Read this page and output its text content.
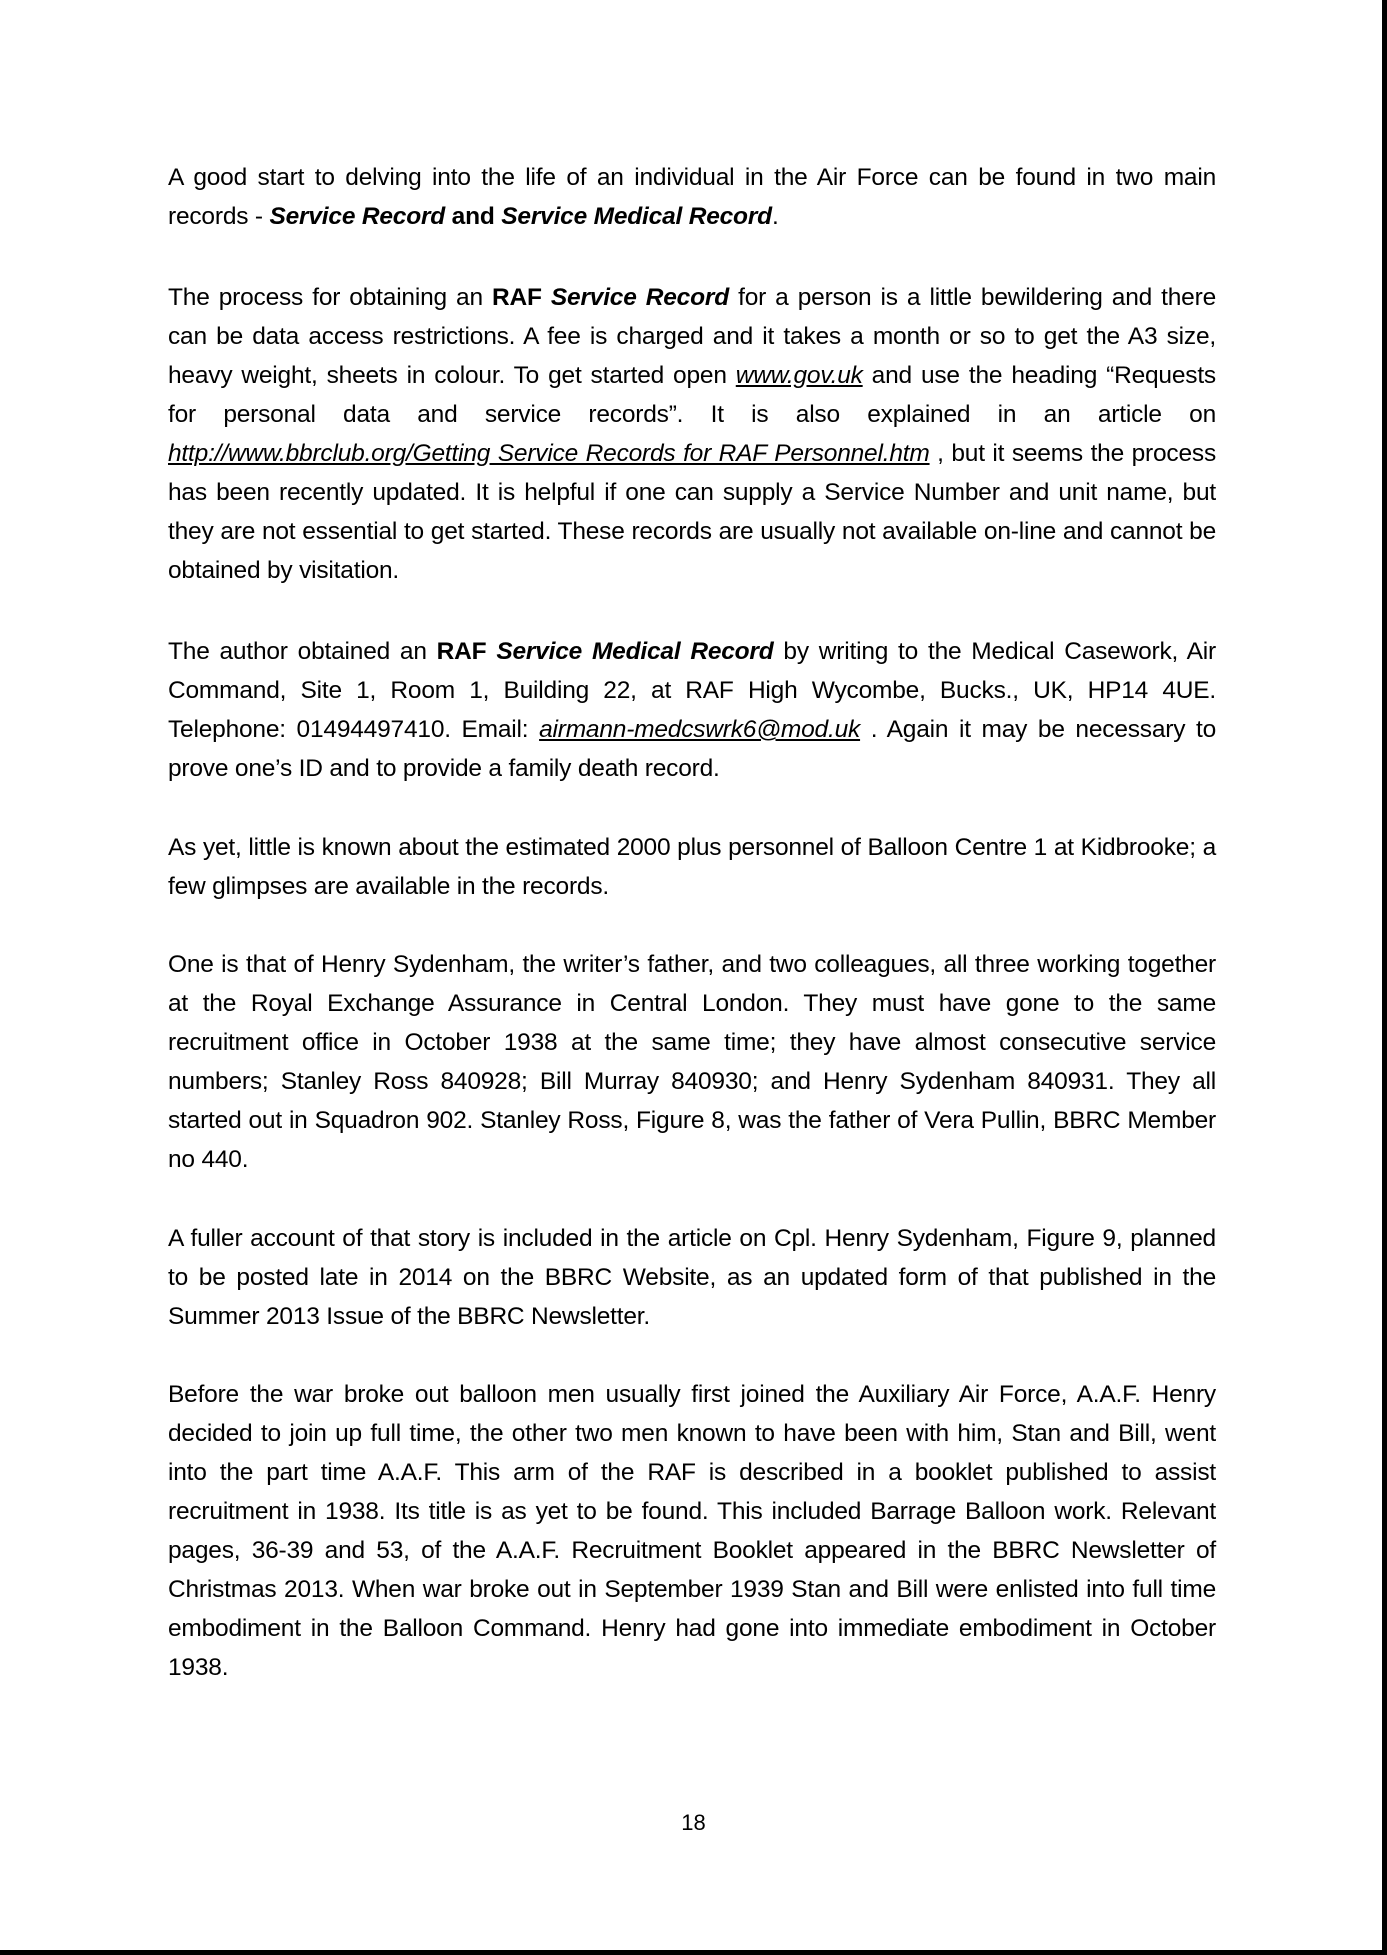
A good start to delving into the life of an individual in the Air Force can be found in two main records - Service Record and Service Medical Record.

The process for obtaining an RAF Service Record for a person is a little bewildering and there can be data access restrictions. A fee is charged and it takes a month or so to get the A3 size, heavy weight, sheets in colour. To get started open www.gov.uk and use the heading “Requests for personal data and service records”. It is also explained in an article on http://www.bbrclub.org/Getting Service Records for RAF Personnel.htm , but it seems the process has been recently updated. It is helpful if one can supply a Service Number and unit name, but they are not essential to get started. These records are usually not available on-line and cannot be obtained by visitation.

The author obtained an RAF Service Medical Record by writing to the Medical Casework, Air Command, Site 1, Room 1, Building 22, at RAF High Wycombe, Bucks., UK, HP14 4UE. Telephone: 01494497410. Email: airmann-medcswrk6@mod.uk . Again it may be necessary to prove one’s ID and to provide a family death record.

As yet, little is known about the estimated 2000 plus personnel of Balloon Centre 1 at Kidbrooke; a few glimpses are available in the records.

One is that of Henry Sydenham, the writer’s father, and two colleagues, all three working together at the Royal Exchange Assurance in Central London. They must have gone to the same recruitment office in October 1938 at the same time; they have almost consecutive service numbers; Stanley Ross 840928; Bill Murray 840930; and Henry Sydenham 840931. They all started out in Squadron 902. Stanley Ross, Figure 8, was the father of Vera Pullin, BBRC Member no 440.

A fuller account of that story is included in the article on Cpl. Henry Sydenham, Figure 9, planned to be posted late in 2014 on the BBRC Website, as an updated form of that published in the Summer 2013 Issue of the BBRC Newsletter.

Before the war broke out balloon men usually first joined the Auxiliary Air Force, A.A.F. Henry decided to join up full time, the other two men known to have been with him, Stan and Bill, went into the part time A.A.F. This arm of the RAF is described in a booklet published to assist recruitment in 1938. Its title is as yet to be found. This included Barrage Balloon work. Relevant pages, 36-39 and 53, of the A.A.F. Recruitment Booklet appeared in the BBRC Newsletter of Christmas 2013. When war broke out in September 1939 Stan and Bill were enlisted into full time embodiment in the Balloon Command. Henry had gone into immediate embodiment in October 1938.

18
